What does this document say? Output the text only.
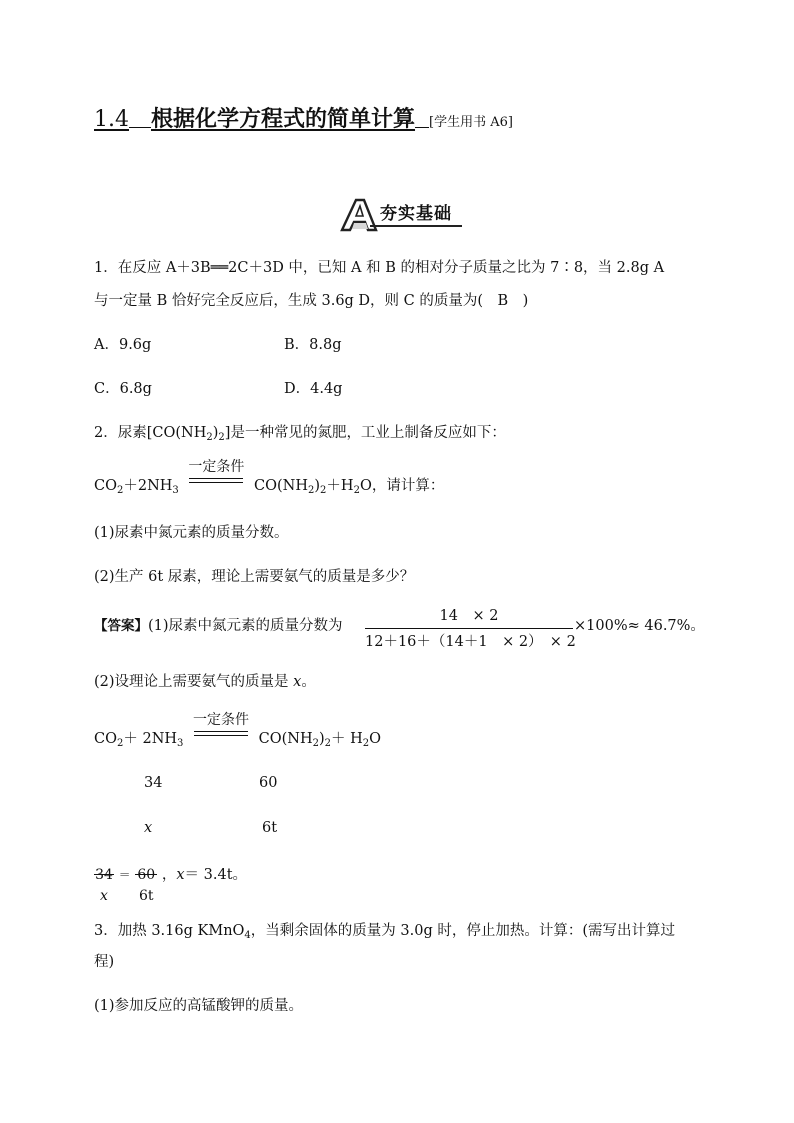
1.4 根据化学方程式的简单计算 [学生用书 A6]
夯实基础
1．在反应 A＋3B══2C＋3D 中，已知 A 和 B 的相对分子质量之比为 7∶8，当 2.8g A
与一定量 B 恰好完全反应后，生成 3.6g D，则 C 的质量为(　B　)
A．9.6g	B．8.8g
C．6.8g	D．4.4g
2．尿素$[CO(NH_2)_2]$是一种常见的氮肥，工业上制备反应如下：
$CO_2+2NH_3$
一定条件
$CO(NH_2)_2+H_2O$，请计算：
(1)尿素中氮元素的质量分数。
(2)生产 6t 尿素，理论上需要氨气的质量是多少？
【答案】(1)尿素中氮元素的质量分数为
14　× 2
12＋16＋（14＋1　× 2）　× 2
×100%≈ 46.7%。
(2)设理论上需要氨气的质量是 x。
$CO_2+ 2NH_3$
一定条件
$CO(NH_2)_2+ H_2O$
34	60
x	6t
34
x
＝ 60
6t
，x＝ 3.4t。
3．加热 3.16g KMnO$_4$，当剩余固体的质量为 3.0g 时，停止加热。计算：(需写出计算过
程)
(1)参加反应的高锰酸钾的质量。
